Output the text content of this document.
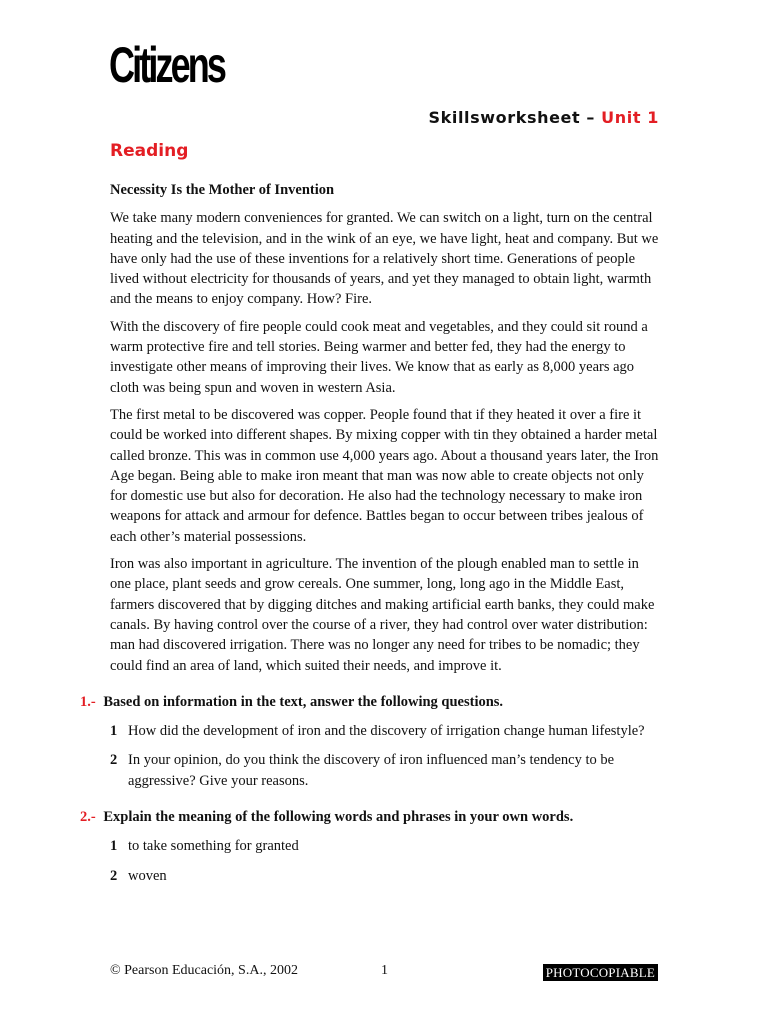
Citizens
Skillsworksheet – Unit 1
Reading
Necessity Is the Mother of Invention

We take many modern conveniences for granted. We can switch on a light, turn on the central heating and the television, and in the wink of an eye, we have light, heat and company. But we have only had the use of these inventions for a relatively short time. Generations of people lived without electricity for thousands of years, and yet they managed to obtain light, warmth and the means to enjoy company. How? Fire.

With the discovery of fire people could cook meat and vegetables, and they could sit round a warm protective fire and tell stories. Being warmer and better fed, they had the energy to investigate other means of improving their lives. We know that as early as 8,000 years ago cloth was being spun and woven in western Asia.

The first metal to be discovered was copper. People found that if they heated it over a fire it could be worked into different shapes. By mixing copper with tin they obtained a harder metal called bronze. This was in common use 4,000 years ago. About a thousand years later, the Iron Age began. Being able to make iron meant that man was now able to create objects not only for domestic use but also for decoration. He also had the technology necessary to make iron weapons for attack and armour for defence. Battles began to occur between tribes jealous of each other’s material possessions.

Iron was also important in agriculture. The invention of the plough enabled man to settle in one place, plant seeds and grow cereals. One summer, long, long ago in the Middle East, farmers discovered that by digging ditches and making artificial earth banks, they could make canals. By having control over the course of a river, they had control over water distribution: man had discovered irrigation. There was no longer any need for tribes to be nomadic; they could find an area of land, which suited their needs, and improve it.

1.- Based on information in the text, answer the following questions.
1 How did the development of iron and the discovery of irrigation change human lifestyle?
2 In your opinion, do you think the discovery of iron influenced man’s tendency to be aggressive? Give your reasons.
2.- Explain the meaning of the following words and phrases in your own words.
1 to take something for granted
2 woven
© Pearson Educación, S.A., 2002	1	PHOTOCOPIABLE
